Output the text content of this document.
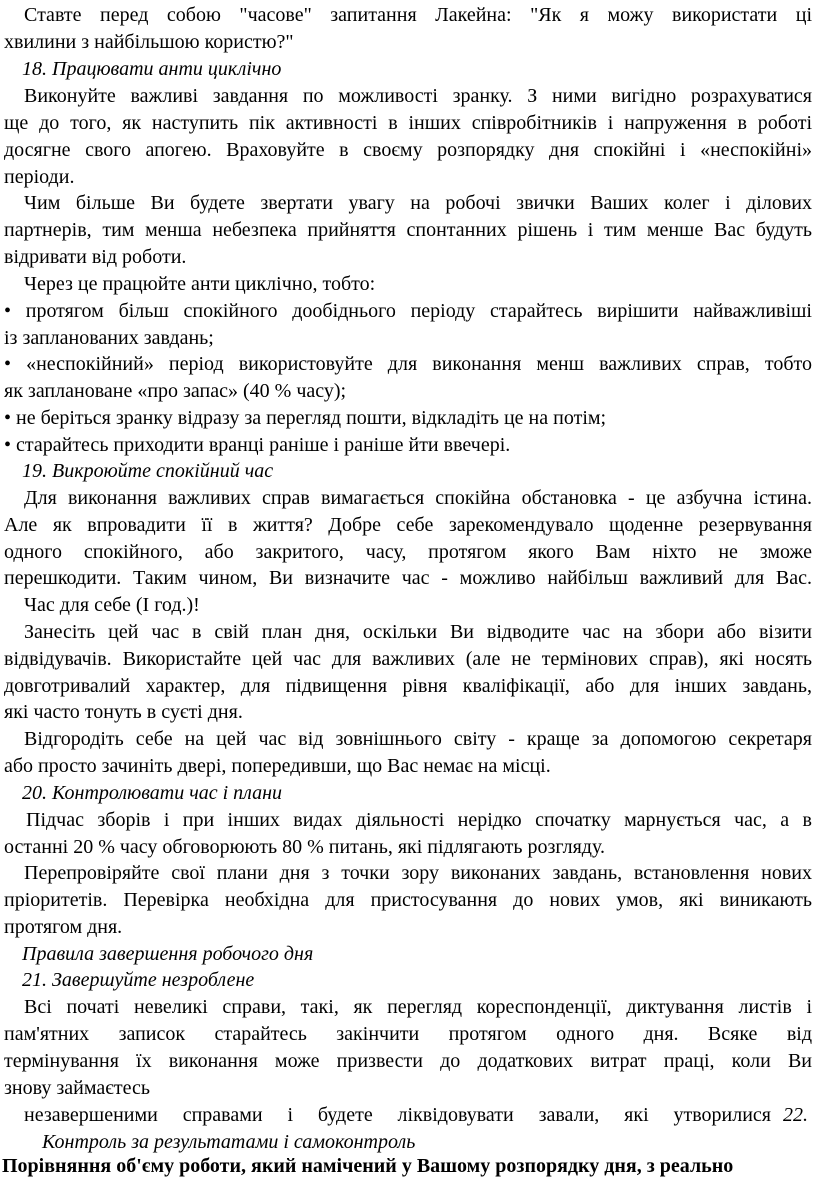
Ставте перед собою "часове" запитання Лакейна: "Як я можу використати ці
хвилини з найбільшою користю?"
18. Працювати анти циклічно
Виконуйте важливі завдання по можливості зранку. З ними вигідно розрахуватися
ще до того, як наступить пік активності в інших співробітників і напруження в роботі
досягне свого апогею. Враховуйте в своєму розпорядку дня спокійні і «неспокійні»
періоди.
Чим більше Ви будете звертати увагу на робочі звички Ваших колег і ділових
партнерів, тим менша небезпека прийняття спонтанних рішень і тим менше Вас будуть
відривати від роботи.
Через це працюйте анти циклічно, тобто:
• протягом більш спокійного дообіднього періоду старайтесь вирішити найважливіші
із запланованих завдань;
• «неспокійний» період використовуйте для виконання менш важливих справ, тобто
як заплановане «про запас» (40 % часу);
• не беріться зранку відразу за перегляд пошти, відкладіть це на потім;
• старайтесь приходити вранці раніше і раніше йти ввечері.
19. Викроюйте спокійний час
Для виконання важливих справ вимагається спокійна обстановка - це азбучна істина.
Але як впровадити її в життя? Добре себе зарекомендувало щоденне резервування
одного спокійного, або закритого, часу, протягом якого Вам ніхто не зможе
перешкодити. Таким чином, Ви визначите час - можливо найбільш важливий для Вас.
Час для себе (I год.)!
Занесіть цей час в свій план дня, оскільки Ви відводите час на збори або візити
відвідувачів. Використайте цей час для важливих (але не термінових справ), які носять
довготривалий характер, для підвищення рівня кваліфікації, або для інших завдань,
які часто тонуть в суєті дня.
Відгородіть себе на цей час від зовнішнього світу - краще за допомогою секретаря
або просто зачиніть двері, попередивши, що Вас немає на місці.
20. Контролювати час і плани
Підчас зборів і при інших видах діяльності нерідко спочатку марнується час, а в
останні 20 % часу обговорюють 80 % питань, які підлягають розгляду.
Перепровіряйте свої плани дня з точки зору виконаних завдань, встановлення нових
пріоритетів. Перевірка необхідна для пристосування до нових умов, які виникають
протягом дня.
Правила завершення робочого дня
21. Завершуйте незроблене
Всі початі невеликі справи, такі, як перегляд кореспонденції, диктування листів і
пам'ятних записок старайтесь закінчити протягом одного дня. Всяке від
термінування їх виконання може призвести до додаткових витрат праці, коли Ви
знову займаєтесь
незавершеними справами і будете ліквідовувати завали, які утворилися 22.
Контроль за результатами і самоконтроль
Порівняння об'єму роботи, який намічений у Вашому розпорядку дня, з реально
